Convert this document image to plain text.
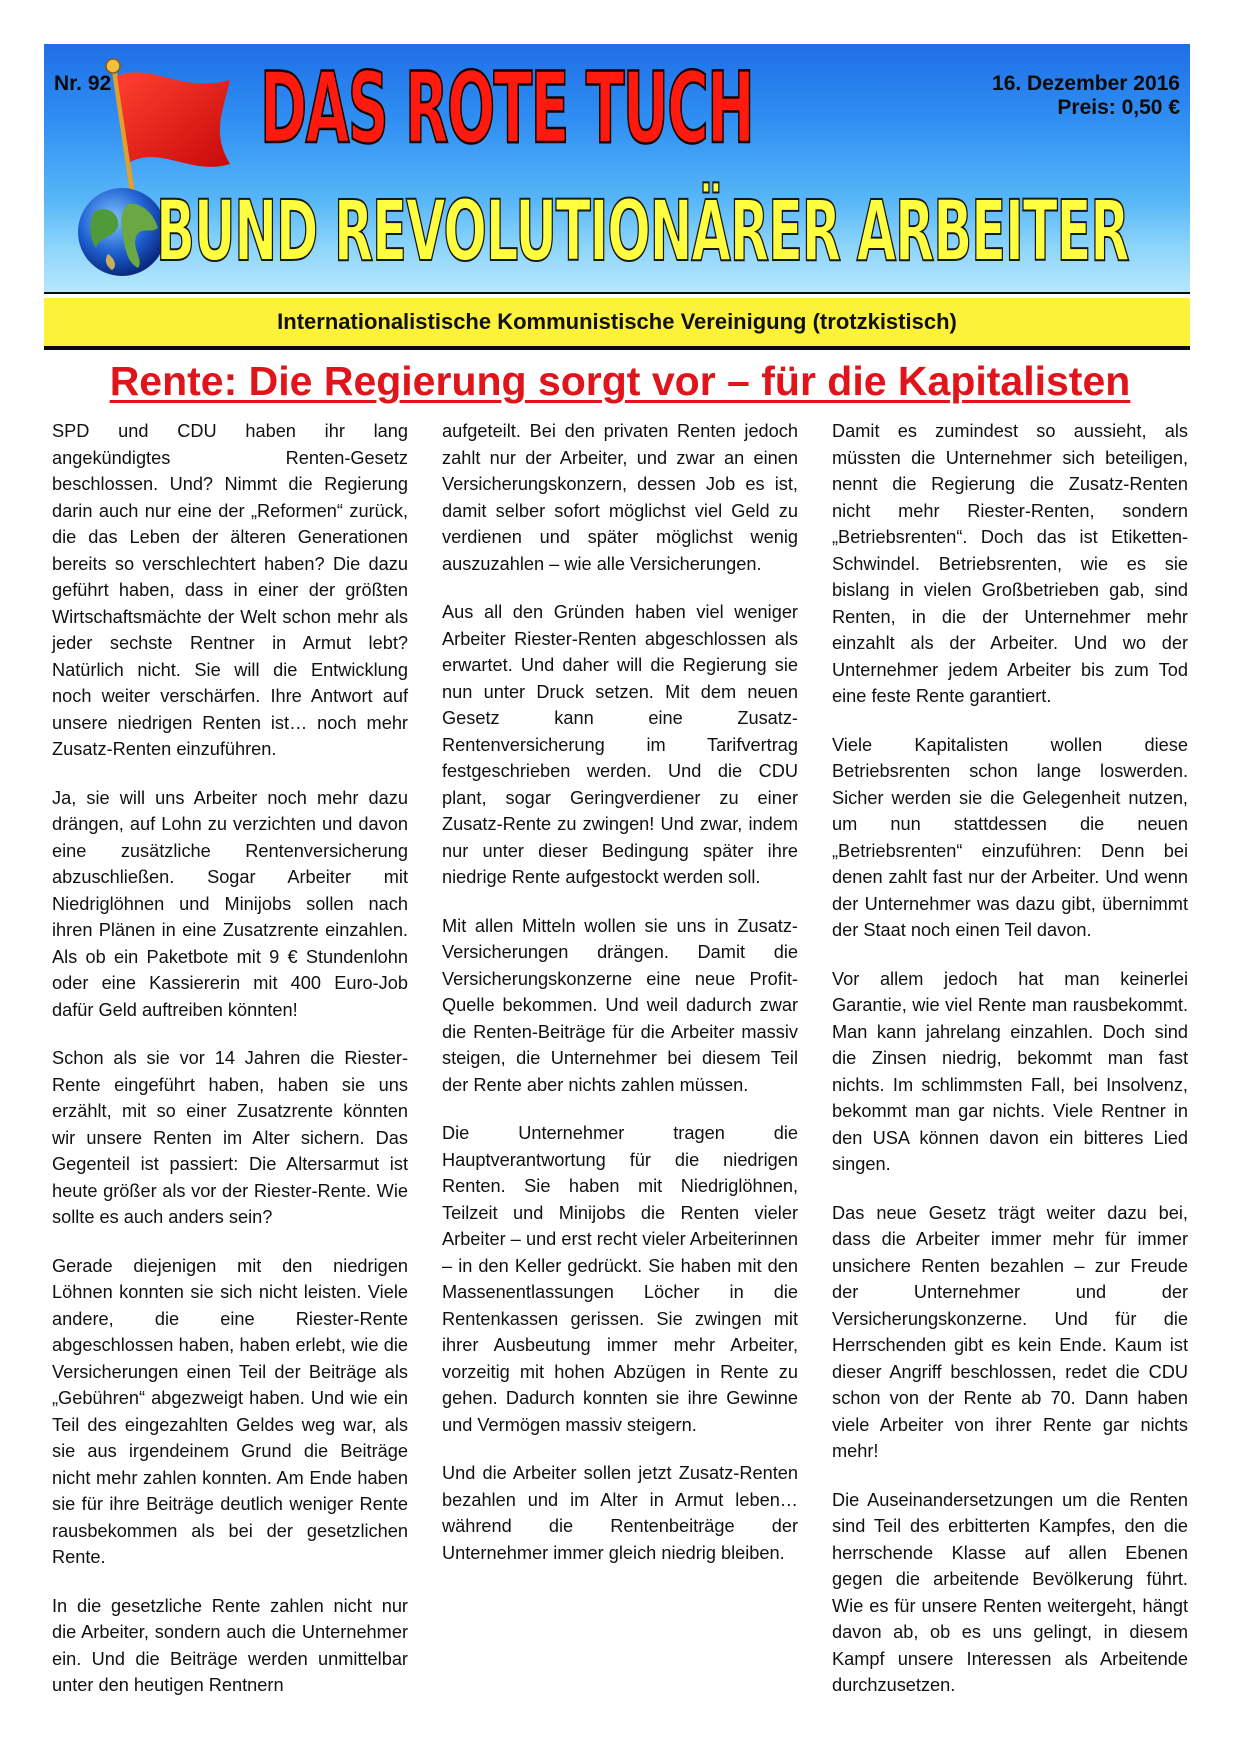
Nr. 92 DAS ROTE TUCH
BUND REVOLUTIONÄRER ARBEITER
16. Dezember 2016
Preis: 0,50 €
Internationalistische Kommunistische Vereinigung (trotzkistisch)
Rente: Die Regierung sorgt vor – für die Kapitalisten

SPD und CDU haben ihr lang angekündigtes Renten-Gesetz beschlossen. Und? Nimmt die Regierung darin auch nur eine der „Reformen“ zurück, die das Leben der älteren Generationen bereits so verschlechtert haben? Die dazu geführt haben, dass in einer der größten Wirtschaftsmächte der Welt schon mehr als jeder sechste Rentner in Armut lebt? Natürlich nicht. Sie will die Entwicklung noch weiter verschärfen. Ihre Antwort auf unsere niedrigen Renten ist… noch mehr Zusatz-Renten einzuführen.

Ja, sie will uns Arbeiter noch mehr dazu drängen, auf Lohn zu verzichten und davon eine zusätzliche Rentenversicherung abzuschließen. Sogar Arbeiter mit Niedriglöhnen und Minijobs sollen nach ihren Plänen in eine Zusatzrente einzahlen. Als ob ein Paketbote mit 9 € Stundenlohn oder eine Kassiererin mit 400 Euro-Job dafür Geld auftreiben könnten!

Schon als sie vor 14 Jahren die Riester-Rente eingeführt haben, haben sie uns erzählt, mit so einer Zusatzrente könnten wir unsere Renten im Alter sichern. Das Gegenteil ist passiert: Die Altersarmut ist heute größer als vor der Riester-Rente. Wie sollte es auch anders sein?

Gerade diejenigen mit den niedrigen Löhnen konnten sie sich nicht leisten. Viele andere, die eine Riester-Rente abgeschlossen haben, haben erlebt, wie die Versicherungen einen Teil der Beiträge als „Gebühren“ abgezweigt haben. Und wie ein Teil des eingezahlten Geldes weg war, als sie aus irgendeinem Grund die Beiträge nicht mehr zahlen konnten. Am Ende haben sie für ihre Beiträge deutlich weniger Rente rausbekommen als bei der gesetzlichen Rente.

In die gesetzliche Rente zahlen nicht nur die Arbeiter, sondern auch die Unternehmer ein. Und die Beiträge werden unmittelbar unter den heutigen Rentnern

aufgeteilt. Bei den privaten Renten jedoch zahlt nur der Arbeiter, und zwar an einen Versicherungskonzern, dessen Job es ist, damit selber sofort möglichst viel Geld zu verdienen und später möglichst wenig auszuzahlen – wie alle Versicherungen.

Aus all den Gründen haben viel weniger Arbeiter Riester-Renten abgeschlossen als erwartet. Und daher will die Regierung sie nun unter Druck setzen. Mit dem neuen Gesetz kann eine Zusatz-Rentenversicherung im Tarifvertrag festgeschrieben werden. Und die CDU plant, sogar Geringverdiener zu einer Zusatz-Rente zu zwingen! Und zwar, indem nur unter dieser Bedingung später ihre niedrige Rente aufgestockt werden soll.

Mit allen Mitteln wollen sie uns in Zusatz-Versicherungen drängen. Damit die Versicherungskonzerne eine neue Profit-Quelle bekommen. Und weil dadurch zwar die Renten-Beiträge für die Arbeiter massiv steigen, die Unternehmer bei diesem Teil der Rente aber nichts zahlen müssen.

Die Unternehmer tragen die Hauptverantwortung für die niedrigen Renten. Sie haben mit Niedriglöhnen, Teilzeit und Minijobs die Renten vieler Arbeiter – und erst recht vieler Arbeiterinnen – in den Keller gedrückt. Sie haben mit den Massenentlassungen Löcher in die Rentenkassen gerissen. Sie zwingen mit ihrer Ausbeutung immer mehr Arbeiter, vorzeitig mit hohen Abzügen in Rente zu gehen. Dadurch konnten sie ihre Gewinne und Vermögen massiv steigern.

Und die Arbeiter sollen jetzt Zusatz-Renten bezahlen und im Alter in Armut leben… während die Rentenbeiträge der Unternehmer immer gleich niedrig bleiben.

Damit es zumindest so aussieht, als müssten die Unternehmer sich beteiligen, nennt die Regierung die Zusatz-Renten nicht mehr Riester-Renten, sondern „Betriebsrenten“. Doch das ist Etiketten-Schwindel. Betriebsrenten, wie es sie bislang in vielen Großbetrieben gab, sind Renten, in die der Unternehmer mehr einzahlt als der Arbeiter. Und wo der Unternehmer jedem Arbeiter bis zum Tod eine feste Rente garantiert.

Viele Kapitalisten wollen diese Betriebsrenten schon lange loswerden. Sicher werden sie die Gelegenheit nutzen, um nun stattdessen die neuen „Betriebsrenten“ einzuführen: Denn bei denen zahlt fast nur der Arbeiter. Und wenn der Unternehmer was dazu gibt, übernimmt der Staat noch einen Teil davon.

Vor allem jedoch hat man keinerlei Garantie, wie viel Rente man rausbekommt. Man kann jahrelang einzahlen. Doch sind die Zinsen niedrig, bekommt man fast nichts. Im schlimmsten Fall, bei Insolvenz, bekommt man gar nichts. Viele Rentner in den USA können davon ein bitteres Lied singen.

Das neue Gesetz trägt weiter dazu bei, dass die Arbeiter immer mehr für immer unsichere Renten bezahlen – zur Freude der Unternehmer und der Versicherungskonzerne. Und für die Herrschenden gibt es kein Ende. Kaum ist dieser Angriff beschlossen, redet die CDU schon von der Rente ab 70. Dann haben viele Arbeiter von ihrer Rente gar nichts mehr!

Die Auseinandersetzungen um die Renten sind Teil des erbitterten Kampfes, den die herrschende Klasse auf allen Ebenen gegen die arbeitende Bevölkerung führt. Wie es für unsere Renten weitergeht, hängt davon ab, ob es uns gelingt, in diesem Kampf unsere Interessen als Arbeitende durchzusetzen.
